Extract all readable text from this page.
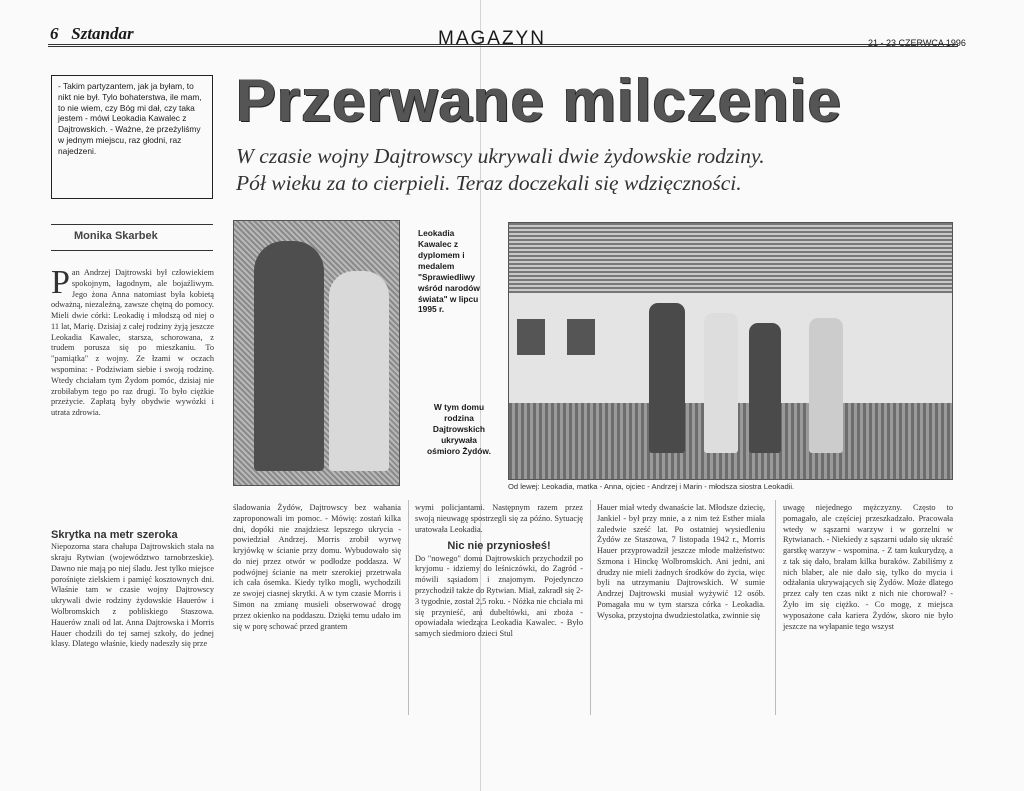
6 Sztandar	MAGAZYN	21 - 23 CZERWCA 1996
- Takim partyzantem, jak ja byłam, to nikt nie był. Tylo bohaterstwa, ile mam, to nie wiem, czy Bóg mi dał, czy taka jestem - mówi Leokadia Kawalec z Dajtrowskich. - Ważne, że przeżyliśmy w jednym miejscu, raz głodni, raz najedzeni.
Przerwane milczenie
W czasie wojny Dajtrowscy ukrywali dwie żydowskie rodziny.
Pół wieku za to cierpieli. Teraz doczekali się wdzięczności.
Monika Skarbek
P an Andrzej Dajtrowski był człowiekiem spokojnym, łagodnym, ale bojaźliwym. Jego żona Anna natomiast była kobietą odważną, niezależną, zawsze chętną do pomocy. Mieli dwie córki: Leokadię i młodszą od niej o 11 lat, Marię. Dzisiaj z całej rodziny żyją jeszcze Leokadia Kawalec, starsza, schorowana, z trudem porusza się po mieszkaniu. To "pamiątka" z wojny. Ze łzami w oczach wspomina: - Podziwiam siebie i swoją rodzinę. Wtedy chciałam tym Żydom pomóc, dzisiaj nie zrobiłabym tego po raz drugi. To było ciężkie przeżycie. Zapłatą były obydwie wywózki i utrata zdrowia.

Skrytka na metr szeroka

Niepozorna stara chałupa Dajtrowskich stała na skraju Rytwian (województwo tarnobrzeskie). Dawno nie mają po niej śladu. Jest tylko miejsce porośnięte zielskiem i pamięć kosztownych dni. Właśnie tam w czasie wojny Dajtrowscy ukrywali dwie rodziny żydowskie Hauerów i Wolbromskich z pobliskiego Staszowa. Hauerów znali od lat. Anna Dajtrowska i Morris Hauer chodzili do tej samej szkoły, do jednej klasy. Dlatego właśnie, kiedy nadeszły się prze

Leokadia Kawalec z dyplomem i medalem "Sprawiedliwy wśród narodów świata" w lipcu 1995 r.
W tym domu rodzina Dajtrowskich ukrywała ośmioro Żydów.
Od lewej: Leokadia, matka - Anna, ojciec - Andrzej i Marin - młodsza siostra Leokadii.
śladowania Żydów, Dajtrowscy bez wahania zaproponowali im pomoc. - Mówię: zostań kilka dni, dopóki nie znajdziesz lepszego ukrycia - powiedział Andrzej. Morris zrobił wyrwę kryjówkę w ścianie przy domu. Wybudowało się do niej przez otwór w podłodze poddasza. W podwójnej ścianie na metr szerokiej przetrwała ich cała ósemka. Kiedy tylko mogli, wychodzili ze swojej ciasnej skrytki. A w tym czasie Morris i Simon na zmianę musieli obserwować drogę przez okienko na poddaszu. Dzięki temu udało im się w porę schować przed grantem

wymi policjantami. Następnym razem przez swoją nieuwagę spostrzegli się za późno. Sytuację uratowała Leokadia.

Nic nie przyniosłeś!

Do "nowego" domu Dajtrowskich przychodził po kryjomu - idziemy do leśniczówki, do Zagród - mówili sąsiadom i znajomym. Pojedynczo przychodził także do Rytwian. Miał, zakradł się 2-3 tygodnie, został 2,5 roku. - Nóżka nie chciała mi się przynieść, ani dubeltówki, ani zboża - opowiadała wiedząca Leokadia Kawalec. - Było samych siedmioro dzieci Stul

Hauer miał wtedy dwanaście lat. Młodsze dziecię, Jankiel - był przy mnie, a z nim też Esther miała zaledwie sześć lat. Po ostatniej wysiedleniu Żydów ze Staszowa, 7 listopada 1942 r., Morris Hauer przyprowadził jeszcze młode małżeństwo: Szmona i Hinckę Wolbromskich. Ani jedni, ani drudzy nie mieli żadnych środków do życia, więc byli na utrzymaniu Dajtrowskich. W sumie Andrzej Dajtrowski musiał wyżywić 12 osób. Pomagała mu w tym starsza córka - Leokadia. Wysoka, przystojna dwudziestolatka, zwinnie się
uwagę niejednego mężczyzny. Często to pomagało, ale częściej przeszkadzało. Pracowała wtedy w sąszarni warzyw i w gorzelni w Rytwianach. - Niekiedy z sąszarni udało się ukraść garstkę warzyw - wspomina. - Z tam kukurydzę, a z tak się dało, brałam kilka buraków. Zabiliśmy z nich blaber, ale nie dało się, tylko do mycia i odżałania ukrywających się Żydów. Może dlatego przez cały ten czas nikt z nich nie chorował? - Żyło im się ciężko. - Co mogę, z miejsca wyposażone cała kariera Żydów, skoro nie było jeszcze na wyłapanie tego wszyst
